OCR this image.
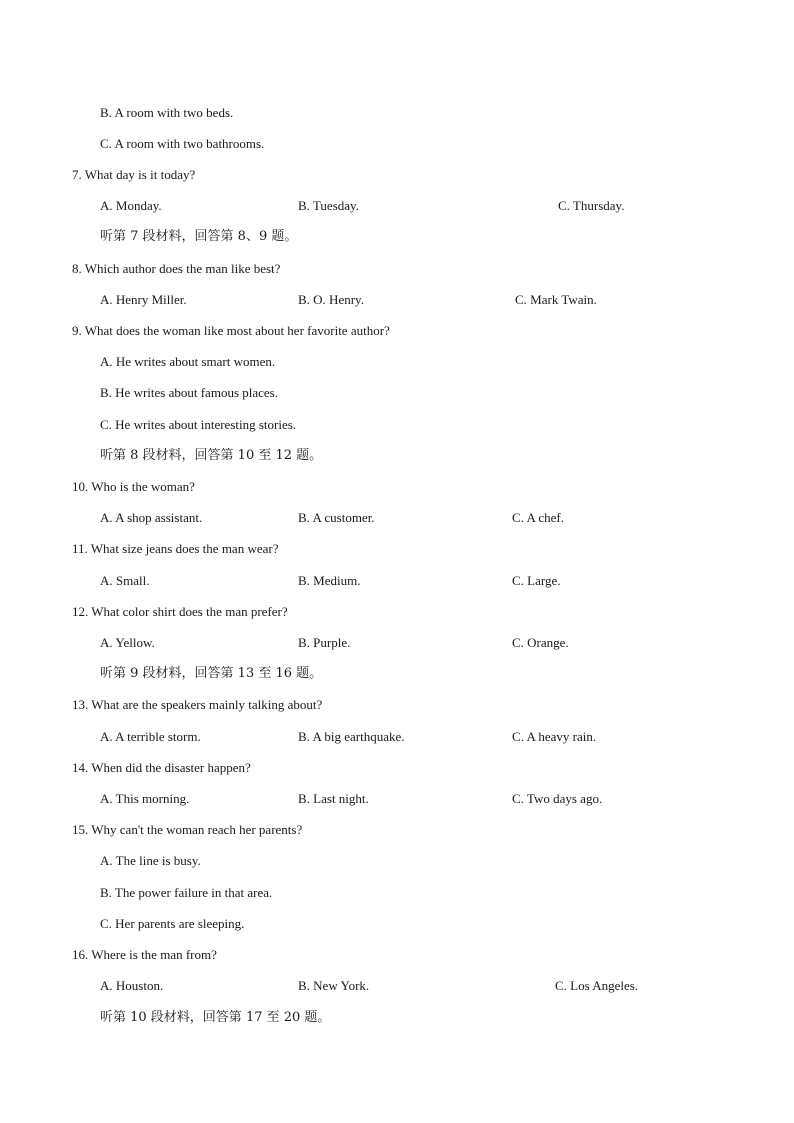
B. A room with two beds.
C. A room with two bathrooms.
7. What day is it today?
A. Monday.	B. Tuesday.	C. Thursday.
听第 7 段材料，回答第 8、9 题。
8. Which author does the man like best?
A. Henry Miller.	B. O. Henry.	C. Mark Twain.
9. What does the woman like most about her favorite author?
A. He writes about smart women.
B. He writes about famous places.
C. He writes about interesting stories.
听第 8 段材料，回答第 10 至 12 题。
10. Who is the woman?
A. A shop assistant.	B. A customer.	C. A chef.
11. What size jeans does the man wear?
A. Small.	B. Medium.	C. Large.
12. What color shirt does the man prefer?
A. Yellow.	B. Purple.	C. Orange.
听第 9 段材料，回答第 13 至 16 题。
13. What are the speakers mainly talking about?
A. A terrible storm.	B. A big earthquake.	C. A heavy rain.
14. When did the disaster happen?
A. This morning.	B. Last night.	C. Two days ago.
15. Why can't the woman reach her parents?
A. The line is busy.
B. The power failure in that area.
C. Her parents are sleeping.
16. Where is the man from?
A. Houston.	B. New York.	C. Los Angeles.
听第 10 段材料，回答第 17 至 20 题。
